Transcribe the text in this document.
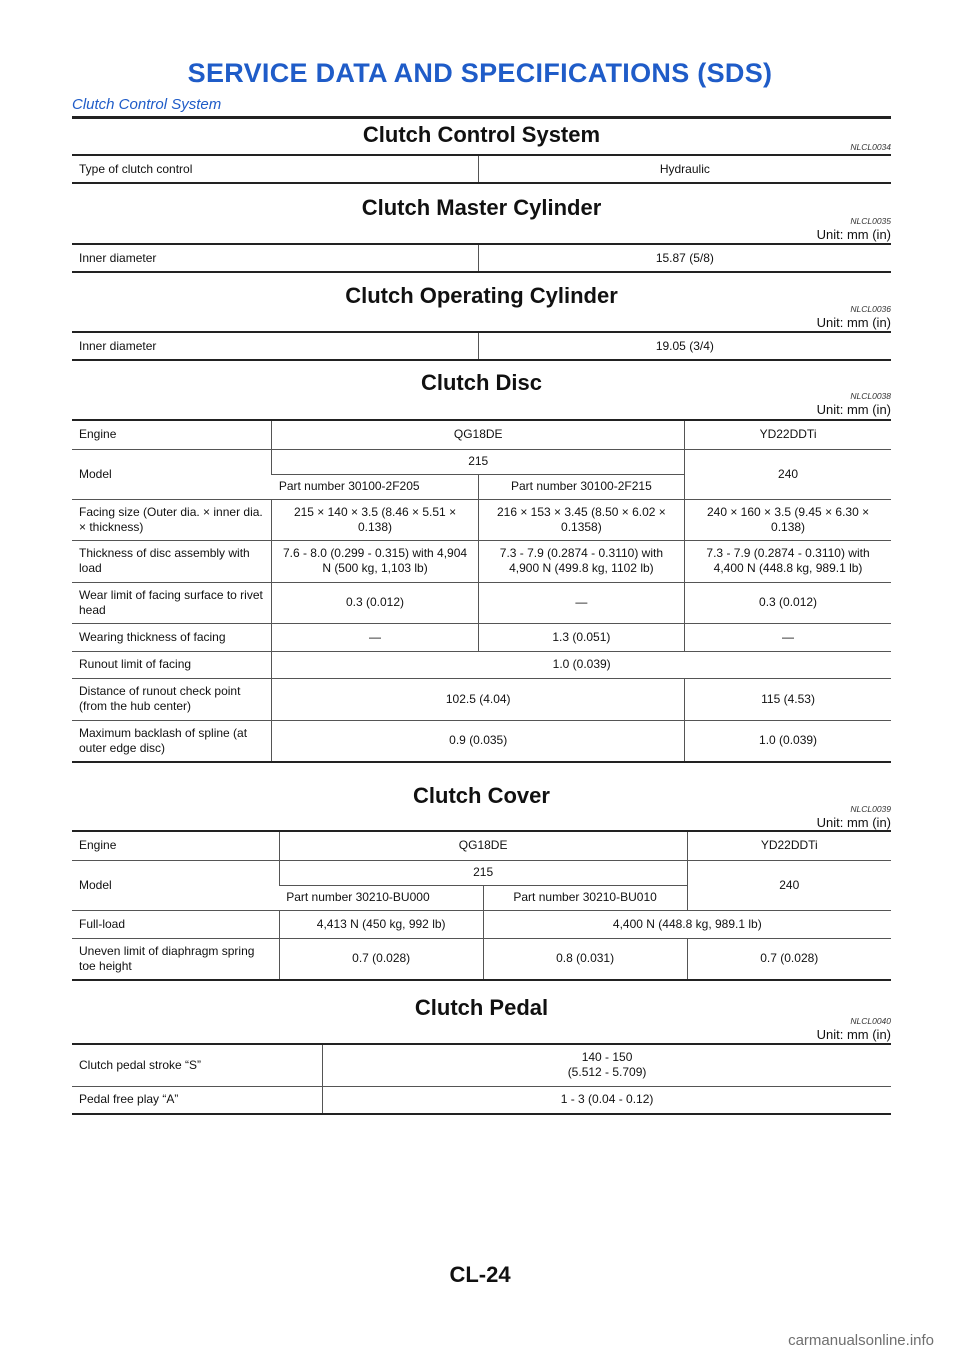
SERVICE DATA AND SPECIFICATIONS (SDS)
Clutch Control System
Clutch Control System	NLCL0034
Type of clutch control	Hydraulic
Clutch Master Cylinder
NLCL0035
Unit: mm (in)
Inner diameter	15.87 (5/8)
Clutch Operating Cylinder
NLCL0036
Unit: mm (in)
Inner diameter	19.05 (3/4)
Clutch Disc
NLCL0038
Unit: mm (in)
Engine	QG18DE		YD22DDTi
Model	215		240
	Part number 30100-2F205	Part number 30100-2F215	
Facing size (Outer dia. × inner dia. × thickness)	215 × 140 × 3.5 (8.46 × 5.51 × 0.138)	216 × 153 × 3.45 (8.50 × 6.02 × 0.1358)	240 × 160 × 3.5 (9.45 × 6.30 × 0.138)
Thickness of disc assembly with load	7.6 - 8.0 (0.299 - 0.315) with 4,904 N (500 kg, 1,103 lb)	7.3 - 7.9 (0.2874 - 0.3110) with 4,900 N (499.8 kg, 1102 lb)	7.3 - 7.9 (0.2874 - 0.3110) with 4,400 N (448.8 kg, 989.1 lb)
Wear limit of facing surface to rivet head	0.3 (0.012)	—	0.3 (0.012)
Wearing thickness of facing	—	1.3 (0.051)	—
Runout limit of facing	1.0 (0.039)		
Distance of runout check point (from the hub center)	102.5 (4.04)		115 (4.53)
Maximum backlash of spline (at outer edge disc)	0.9 (0.035)		1.0 (0.039)
Clutch Cover
NLCL0039
Unit: mm (in)
Engine	QG18DE		YD22DDTi
Model	215		240
	Part number 30210-BU000	Part number 30210-BU010	
Full-load	4,413 N (450 kg, 992 lb)	4,400 N (448.8 kg, 989.1 lb)	
Uneven limit of diaphragm spring toe height	0.7 (0.028)	0.8 (0.031)	0.7 (0.028)
Clutch Pedal
NLCL0040
Unit: mm (in)
Clutch pedal stroke “S”	140 - 150
(5.512 - 5.709)

Pedal free play “A”	1 - 3 (0.04 - 0.12)
CL-24
carmanualsonline.info
